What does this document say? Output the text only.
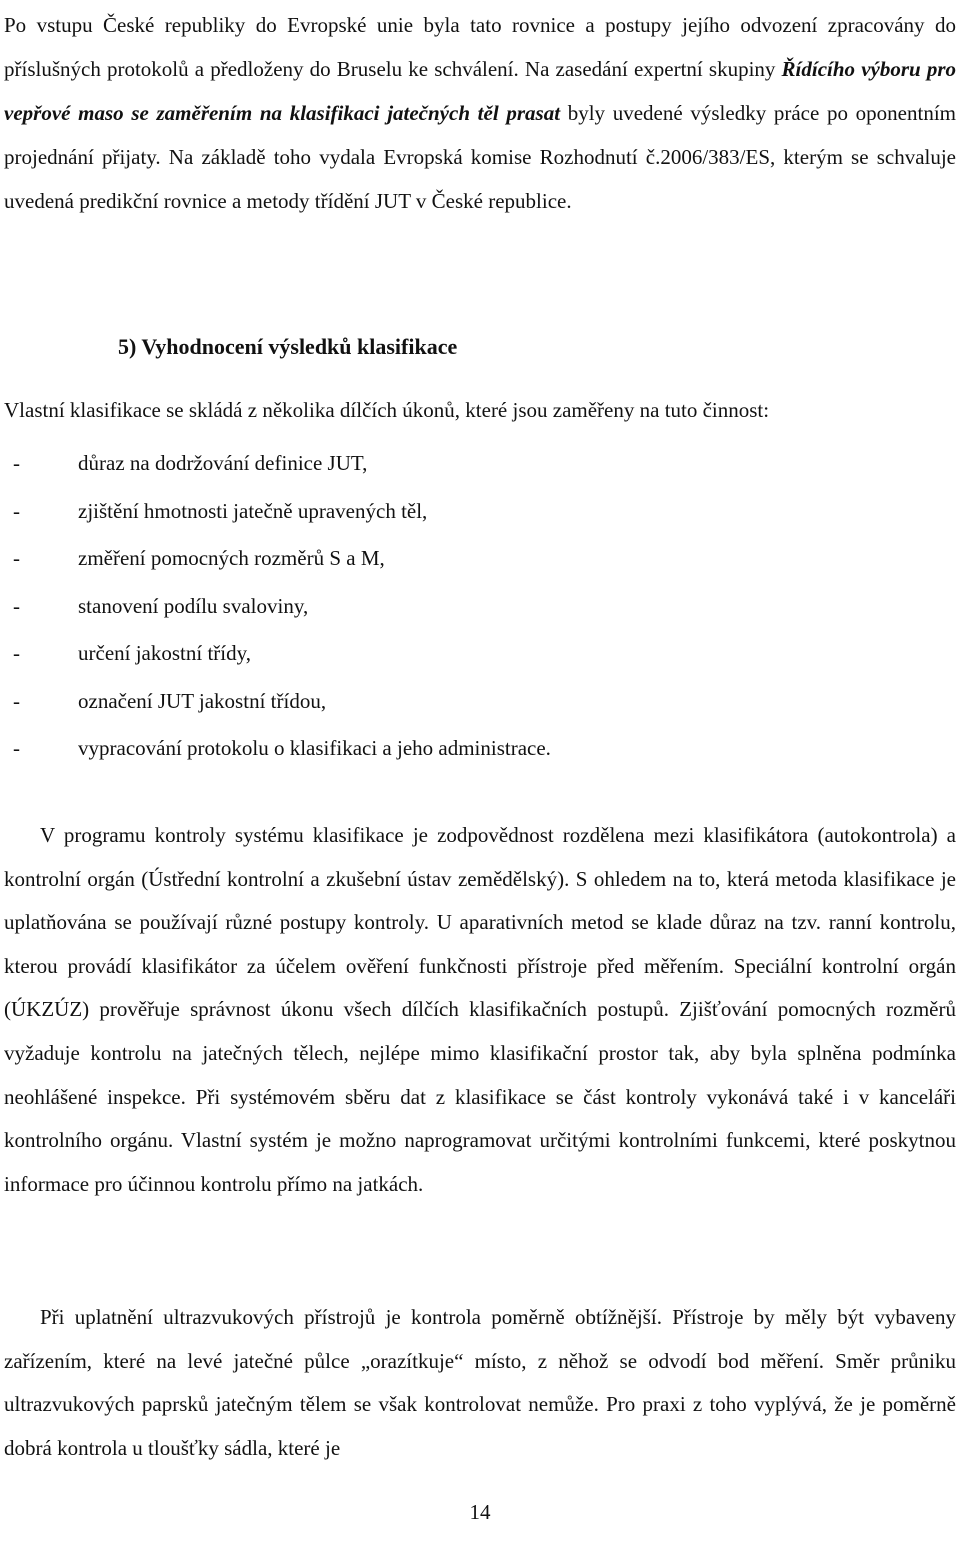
Po vstupu České republiky do Evropské unie byla tato rovnice a postupy jejího odvození zpracovány do příslušných protokolů a předloženy do Bruselu ke schválení. Na zasedání expertní skupiny Řídícího výboru pro vepřové maso se zaměřením na klasifikaci jatečných těl prasat byly uvedené výsledky práce po oponentním projednání přijaty. Na základě toho vydala Evropská komise Rozhodnutí č.2006/383/ES, kterým se schvaluje uvedená predikční rovnice a metody třídění JUT v České republice.

5) Vyhodnocení výsledků klasifikace

Vlastní klasifikace se skládá z několika dílčích úkonů, které jsou zaměřeny na tuto činnost:

-	důraz na dodržování definice JUT,
-	zjištění hmotnosti jatečně upravených těl,
-	změření pomocných rozměrů S a M,
-	stanovení podílu svaloviny,
-	určení jakostní třídy,
-	označení JUT jakostní třídou,
-	vypracování protokolu o klasifikaci a jeho administrace.

V programu kontroly systému klasifikace je zodpovědnost rozdělena mezi klasifikátora (autokontrola) a kontrolní orgán (Ústřední kontrolní a zkušební ústav zemědělský). S ohledem na to, která metoda klasifikace je uplatňována se používají různé postupy kontroly. U aparativních metod se klade důraz na tzv. ranní kontrolu, kterou provádí klasifikátor za účelem ověření funkčnosti přístroje před měřením. Speciální kontrolní orgán (ÚKZÚZ) prověřuje správnost úkonu všech dílčích klasifikačních postupů. Zjišťování pomocných rozměrů vyžaduje kontrolu na jatečných tělech, nejlépe mimo klasifikační prostor tak, aby byla splněna podmínka neohlášené inspekce. Při systémovém sběru dat z klasifikace se část kontroly vykonává také i v kanceláři kontrolního orgánu. Vlastní systém je možno naprogramovat určitými kontrolními funkcemi, které poskytnou informace pro účinnou kontrolu přímo na jatkách.

Při uplatnění ultrazvukových přístrojů je kontrola poměrně obtížnější. Přístroje by měly být vybaveny zařízením, které na levé jatečné půlce „orazítkuje“ místo, z něhož se odvodí bod měření. Směr průniku ultrazvukových paprsků jatečným tělem se však kontrolovat nemůže. Pro praxi z toho vyplývá, že je poměrně dobrá kontrola u tloušťky sádla, které je

14
